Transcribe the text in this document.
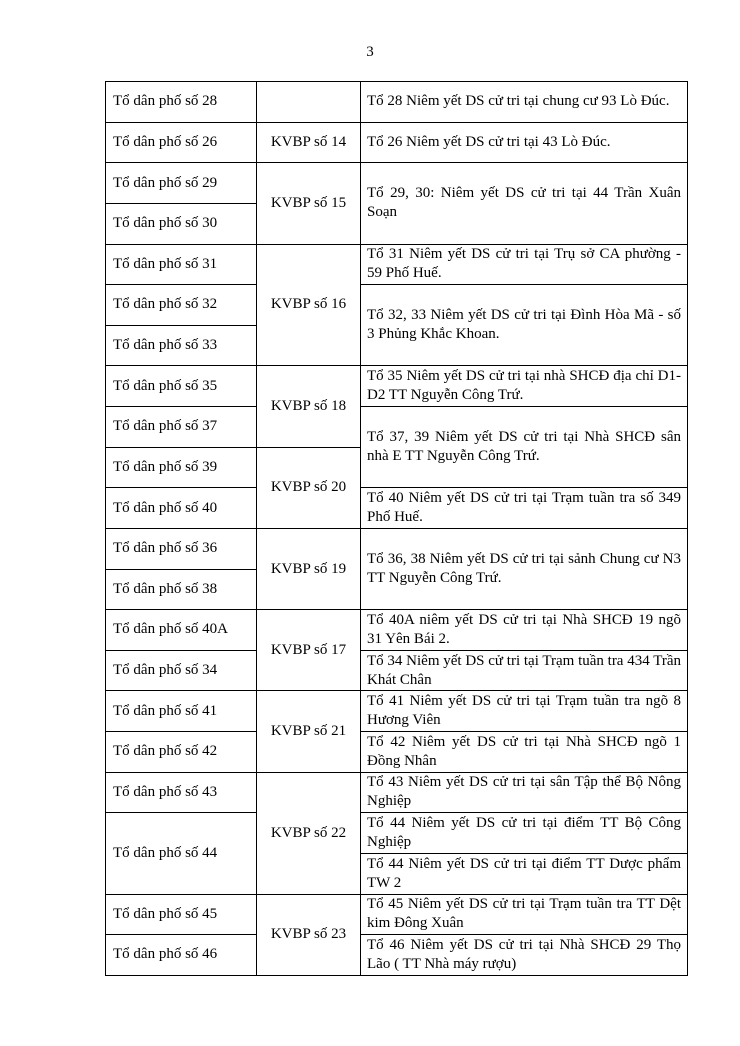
3
Tổ dân phố số 28		Tổ 28 Niêm yết DS cử tri tại chung cư 93 Lò Đúc.
Tổ dân phố số 26	KVBP số 14	Tổ 26 Niêm yết DS cử tri tại 43 Lò Đúc.
Tổ dân phố số 29	KVBP số 15	Tổ 29, 30: Niêm yết DS cử tri tại 44 Trần Xuân Soạn
Tổ dân phố số 30		
Tổ dân phố số 31	KVBP số 16	Tổ 31 Niêm yết DS cử tri tại Trụ sở CA phường - 59 Phố Huế.
Tổ dân phố số 32		Tổ 32, 33 Niêm yết DS cử tri tại Đình Hòa Mã - số 3 Phủng Khắc Khoan.
Tổ dân phố số 33		
Tổ dân phố số 35	KVBP số 18	Tổ 35 Niêm yết DS cử tri tại nhà SHCĐ địa chỉ D1-D2 TT Nguyễn Công Trứ.
Tổ dân phố số 37		Tổ 37, 39 Niêm yết DS cử tri tại Nhà SHCĐ sân nhà E TT Nguyễn Công Trứ.
Tổ dân phố số 39	KVBP số 20	
Tổ dân phố số 40		Tổ 40 Niêm yết DS cử tri tại Trạm tuần tra số 349 Phố Huế.
Tổ dân phố số 36	KVBP số 19	Tổ 36, 38 Niêm yết DS cử tri tại sảnh Chung cư N3 TT Nguyễn Công Trứ.
Tổ dân phố số 38		
Tổ dân phố số 40A	KVBP số 17	Tổ 40A niêm yết DS cử tri tại Nhà SHCĐ 19 ngõ 31 Yên Bái 2.
Tổ dân phố số 34		Tổ 34 Niêm yết DS cử tri tại Trạm tuần tra 434 Trần Khát Chân
Tổ dân phố số 41	KVBP số 21	Tổ 41 Niêm yết DS cử tri tại Trạm tuần tra ngõ 8 Hương Viên
Tổ dân phố số 42		Tổ 42 Niêm yết DS cử tri tại Nhà SHCĐ ngõ 1 Đồng Nhân
Tổ dân phố số 43	KVBP số 22	Tổ 43 Niêm yết DS cử tri tại sân Tập thể Bộ Nông Nghiệp
Tổ dân phố số 44		Tổ 44 Niêm yết DS cử tri tại điểm TT Bộ Công Nghiệp
		Tổ 44 Niêm yết DS cử tri tại điểm TT Dược phẩm TW 2
Tổ dân phố số 45	KVBP số 23	Tổ 45 Niêm yết DS cử tri tại Trạm tuần tra TT Dệt kim Đông Xuân
Tổ dân phố số 46		Tổ 46 Niêm yết DS cử tri tại Nhà SHCĐ 29 Thọ Lão ( TT Nhà máy rượu)
